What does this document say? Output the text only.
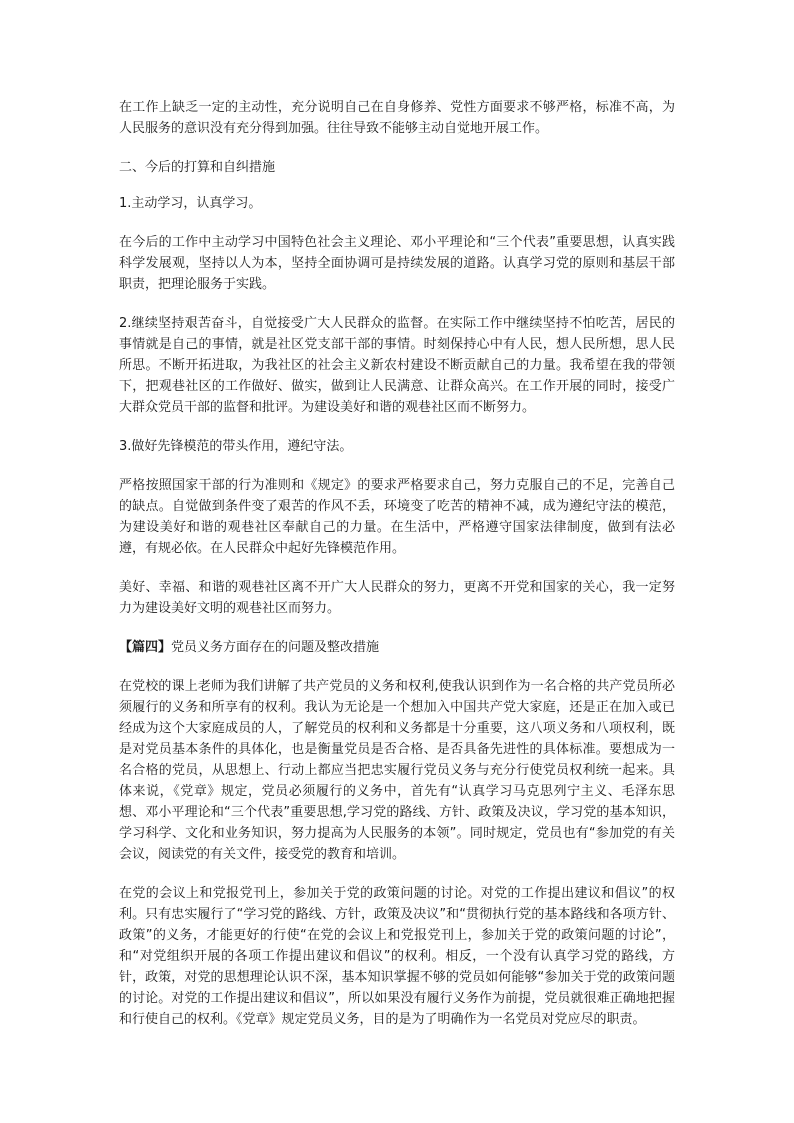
在工作上缺乏一定的主动性，充分说明自己在自身修养、党性方面要求不够严格，标准不高，为人民服务的意识没有充分得到加强。往往导致不能够主动自觉地开展工作。

二、今后的打算和自纠措施

1.主动学习，认真学习。

在今后的工作中主动学习中国特色社会主义理论、邓小平理论和“三个代表”重要思想，认真实践科学发展观，坚持以人为本，坚持全面协调可是持续发展的道路。认真学习党的原则和基层干部职责，把理论服务于实践。

2.继续坚持艰苦奋斗，自觉接受广大人民群众的监督。在实际工作中继续坚持不怕吃苦，居民的事情就是自己的事情，就是社区党支部干部的事情。时刻保持心中有人民，想人民所想，思人民所思。不断开拓进取，为我社区的社会主义新农村建设不断贡献自己的力量。我希望在我的带领下，把观巷社区的工作做好、做实，做到让人民满意、让群众高兴。在工作开展的同时，接受广大群众党员干部的监督和批评。为建设美好和谐的观巷社区而不断努力。

3.做好先锋模范的带头作用，遵纪守法。

严格按照国家干部的行为准则和《规定》的要求严格要求自己，努力克服自己的不足，完善自己的缺点。自觉做到条件变了艰苦的作风不丢，环境变了吃苦的精神不减，成为遵纪守法的模范，为建设美好和谐的观巷社区奉献自己的力量。在生活中，严格遵守国家法律制度，做到有法必遵，有规必依。在人民群众中起好先锋模范作用。

美好、幸福、和谐的观巷社区离不开广大人民群众的努力，更离不开党和国家的关心，我一定努力为建设美好文明的观巷社区而努力。

【篇四】党员义务方面存在的问题及整改措施

在党校的课上老师为我们讲解了共产党员的义务和权利,使我认识到作为一名合格的共产党员所必须履行的义务和所享有的权利。我认为无论是一个想加入中国共产党大家庭，还是正在加入或已经成为这个大家庭成员的人，了解党员的权利和义务都是十分重要，这八项义务和八项权利，既是对党员基本条件的具体化，也是衡量党员是否合格、是否具备先进性的具体标准。要想成为一名合格的党员，从思想上、行动上都应当把忠实履行党员义务与充分行使党员权利统一起来。具体来说，《党章》规定，党员必须履行的义务中，首先有“认真学习马克思列宁主义、毛泽东思想、邓小平理论和“三个代表”重要思想,学习党的路线、方针、政策及决议，学习党的基本知识，学习科学、文化和业务知识，努力提高为人民服务的本领”。同时规定，党员也有“参加党的有关会议，阅读党的有关文件，接受党的教育和培训。

在党的会议上和党报党刊上，参加关于党的政策问题的讨论。对党的工作提出建议和倡议”的权利。只有忠实履行了“学习党的路线、方针，政策及决议”和“贯彻执行党的基本路线和各项方针、政策”的义务，才能更好的行使“在党的会议上和党报党刊上，参加关于党的政策问题的讨论”，和“对党组织开展的各项工作提出建议和倡议”的权利。相反，一个没有认真学习党的路线，方针，政策，对党的思想理论认识不深，基本知识掌握不够的党员如何能够“参加关于党的政策问题的讨论。对党的工作提出建议和倡议”，所以如果没有履行义务作为前提，党员就很难正确地把握和行使自己的权利。《党章》规定党员义务，目的是为了明确作为一名党员对党应尽的职责。
